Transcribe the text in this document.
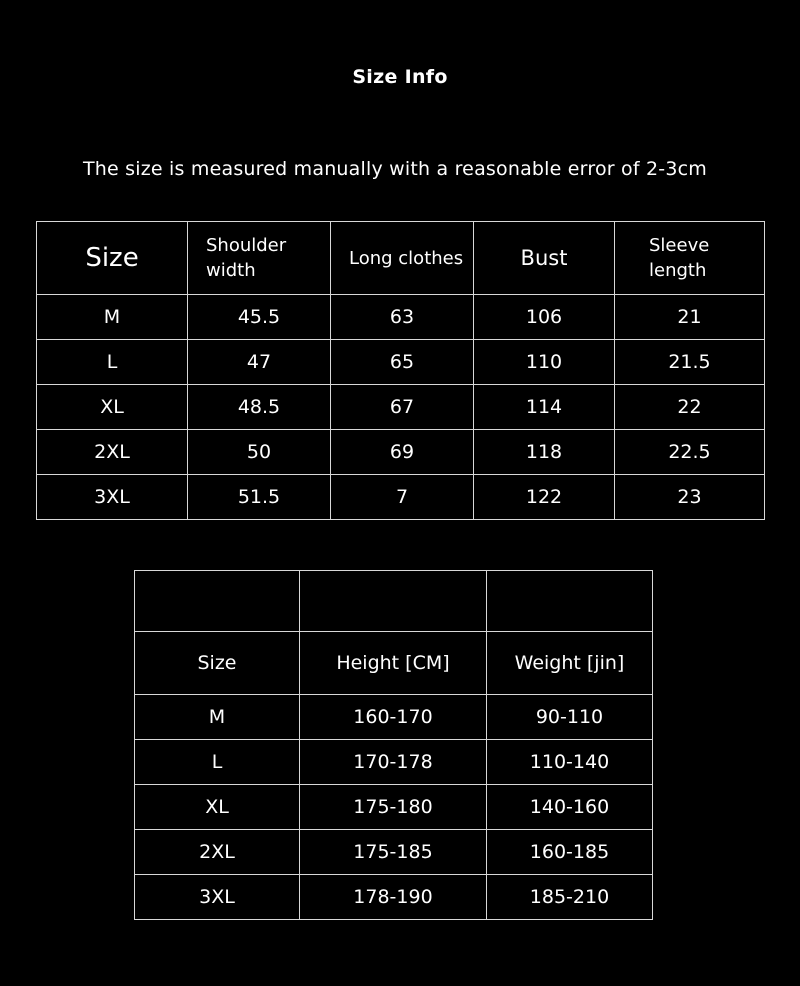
Size Info
The size is measured manually with a reasonable error of 2-3cm
Size	Shoulder width	Long clothes	Bust	Sleeve length
M	45.5	63	106	21
L	47	65	110	21.5
XL	48.5	67	114	22
2XL	50	69	118	22.5
3XL	51.5	7	122	23

Size	Height [CM]	Weight [jin]
M	160-170	90-110
L	170-178	110-140
XL	175-180	140-160
2XL	175-185	160-185
3XL	178-190	185-210
